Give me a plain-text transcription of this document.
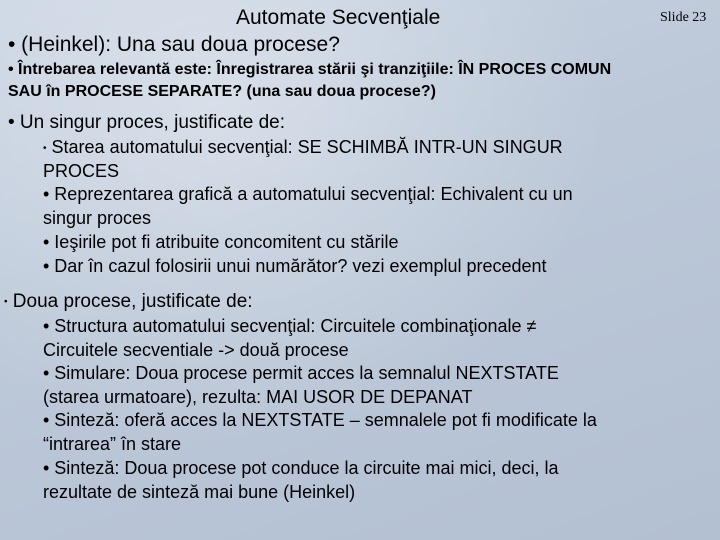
Automate Secvenţiale	Slide 23
• (Heinkel): Una sau doua procese?
• Întrebarea relevantă este: Înregistrarea stării şi tranziţiile: ÎN PROCES COMUN
SAU în PROCESE SEPARATE? (una sau doua procese?)
• Un singur proces, justificate de:
• Starea automatului secvenţial: SE SCHIMBĂ INTR-UN SINGUR
PROCES
• Reprezentarea grafică a automatului secvenţial: Echivalent cu un
singur proces
• Ieşirile pot fi atribuite concomitent cu stările
• Dar în cazul folosirii unui numărător? vezi exemplul precedent
• Doua procese, justificate de:
• Structura automatului secvenţial: Circuitele combinaţionale ≠
Circuitele secventiale -> două procese
• Simulare: Doua procese permit acces la semnalul NEXTSTATE
(starea urmatoare), rezulta: MAI USOR DE DEPANAT
• Sinteză: oferă acces la NEXTSTATE – semnalele pot fi modificate la
“intrarea” în stare
• Sinteză: Doua procese pot conduce la circuite mai mici, deci, la
rezultate de sinteză mai bune (Heinkel)
